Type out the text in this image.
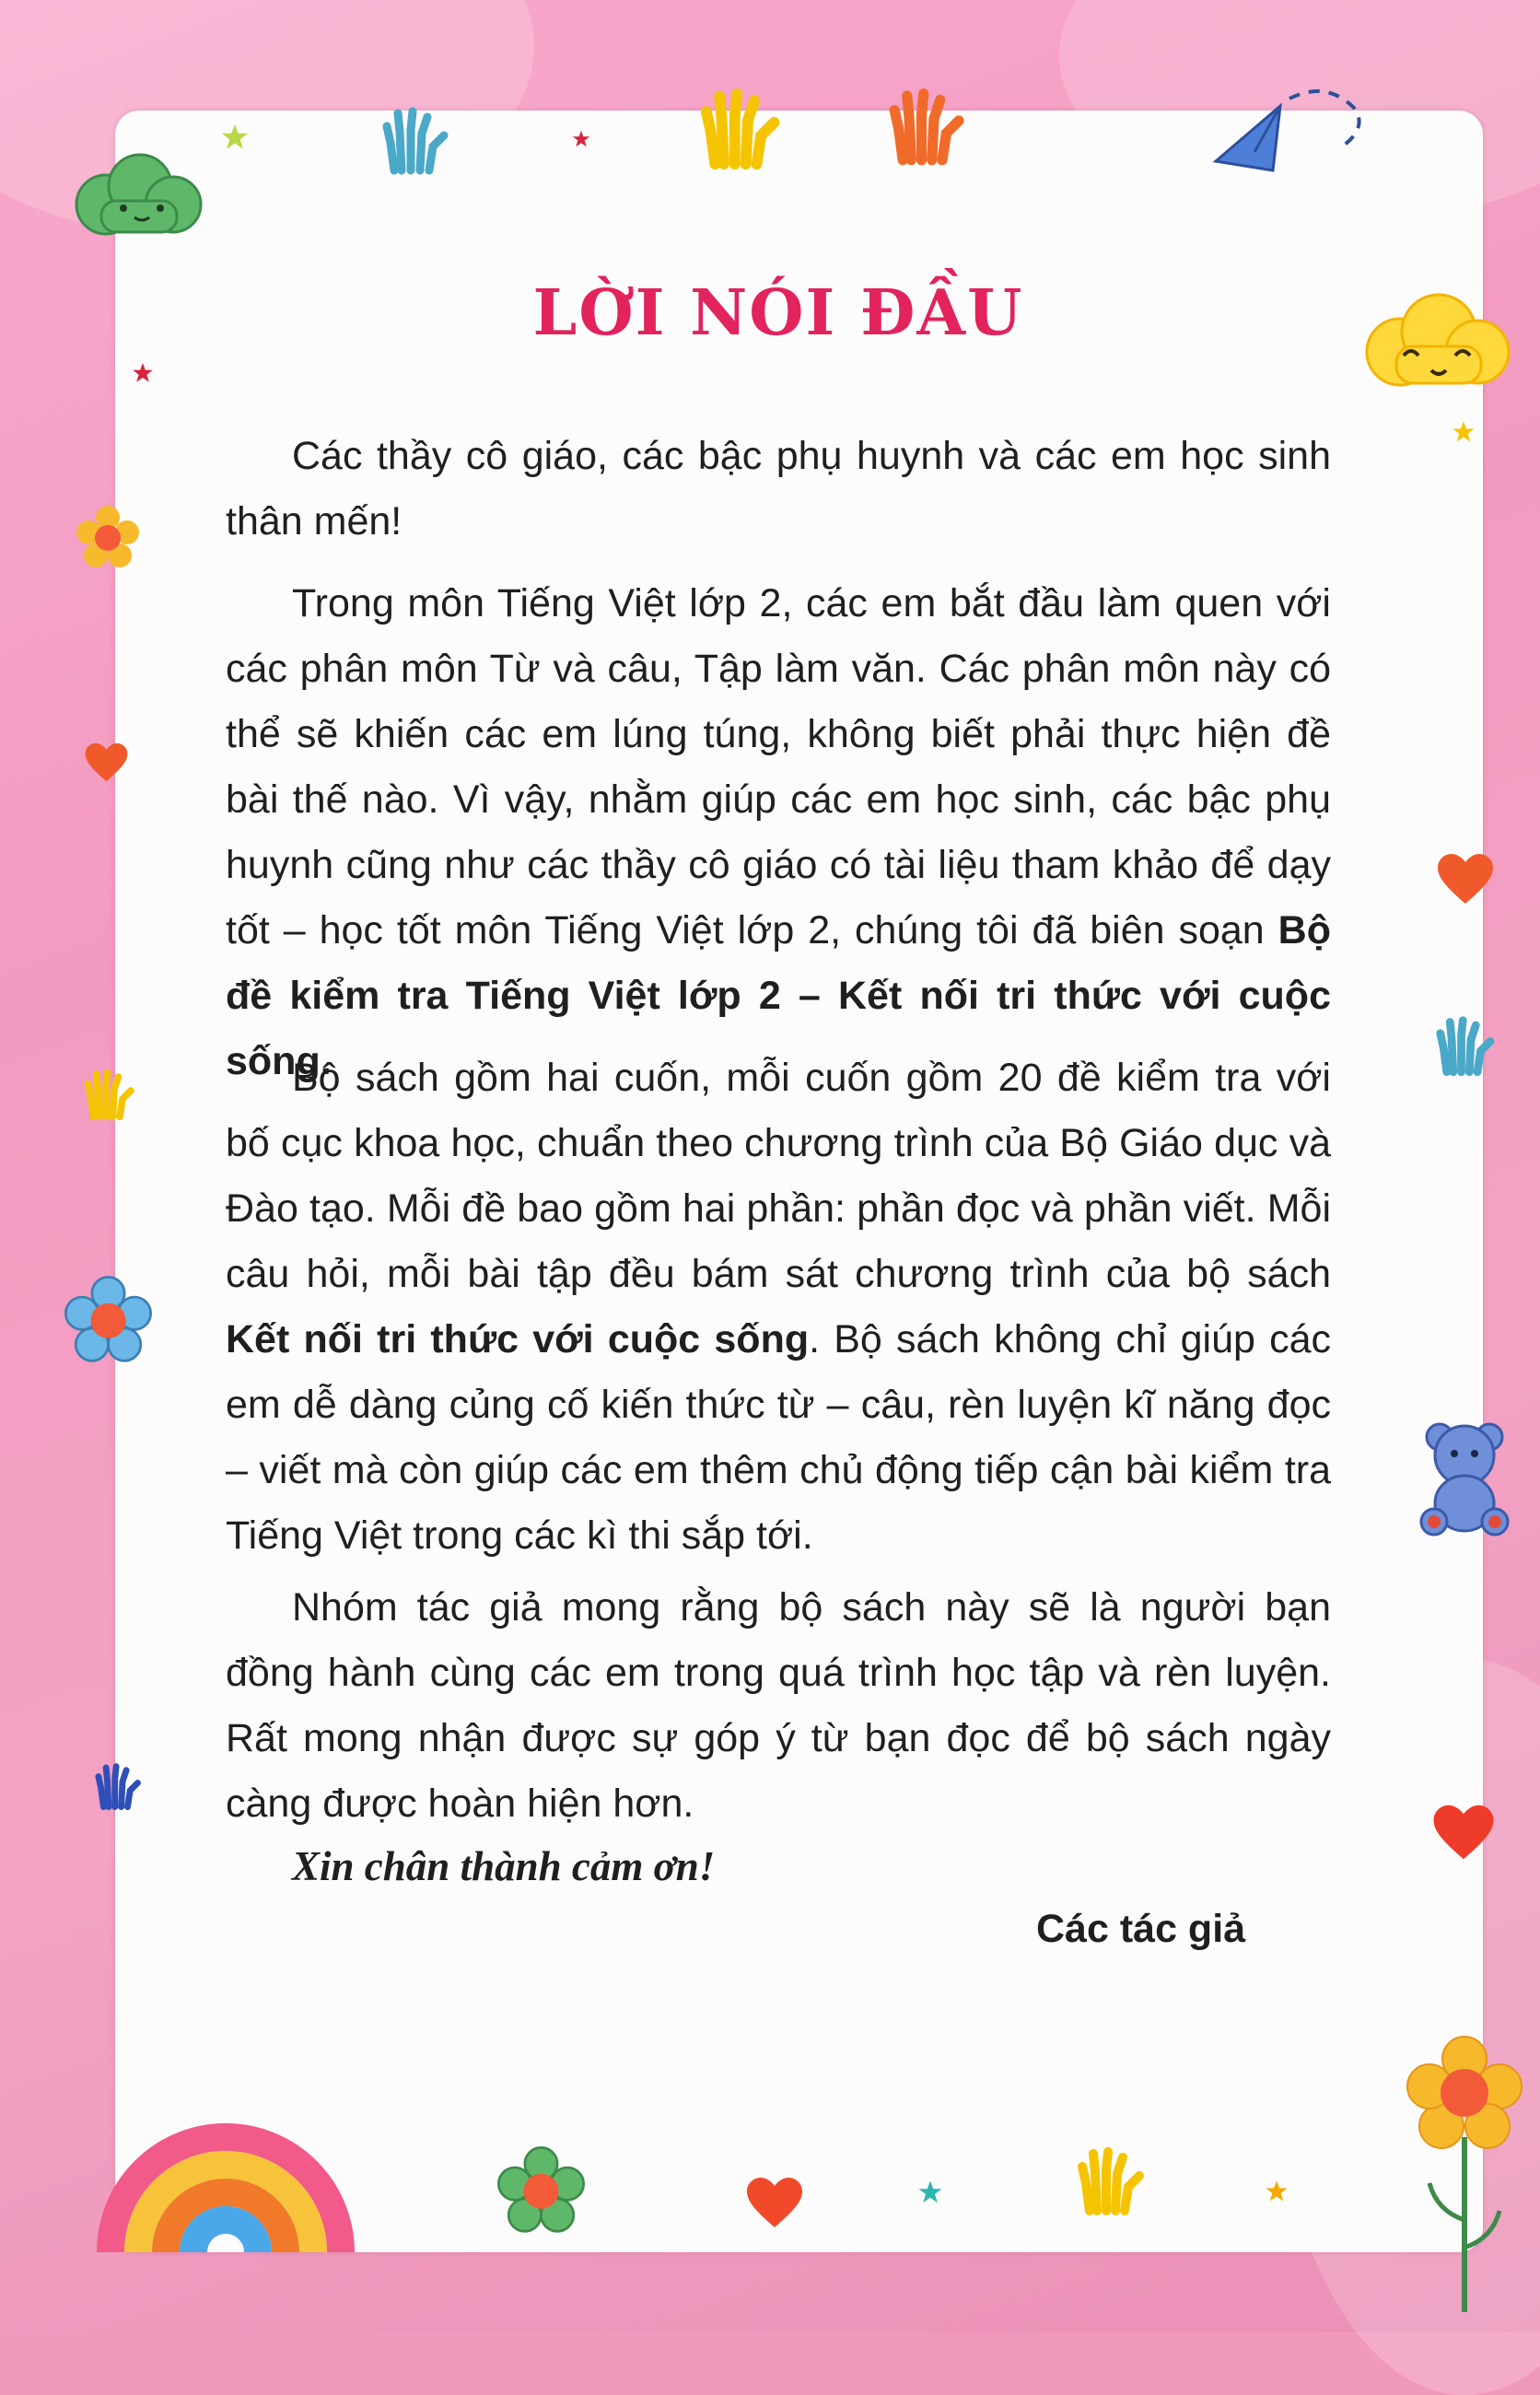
LỜI NÓI ĐẦU

Các thầy cô giáo, các bậc phụ huynh và các em học sinh thân mến!

Trong môn Tiếng Việt lớp 2, các em bắt đầu làm quen với các phân môn Từ và câu, Tập làm văn. Các phân môn này có thể sẽ khiến các em lúng túng, không biết phải thực hiện đề bài thế nào. Vì vậy, nhằm giúp các em học sinh, các bậc phụ huynh cũng như các thầy cô giáo có tài liệu tham khảo để dạy tốt – học tốt môn Tiếng Việt lớp 2, chúng tôi đã biên soạn Bộ đề kiểm tra Tiếng Việt lớp 2 – Kết nối tri thức với cuộc sống.

Bộ sách gồm hai cuốn, mỗi cuốn gồm 20 đề kiểm tra với bố cục khoa học, chuẩn theo chương trình của Bộ Giáo dục và Đào tạo. Mỗi đề bao gồm hai phần: phần đọc và phần viết. Mỗi câu hỏi, mỗi bài tập đều bám sát chương trình của bộ sách Kết nối tri thức với cuộc sống. Bộ sách không chỉ giúp các em dễ dàng củng cố kiến thức từ – câu, rèn luyện kĩ năng đọc – viết mà còn giúp các em thêm chủ động tiếp cận bài kiểm tra Tiếng Việt trong các kì thi sắp tới.

Nhóm tác giả mong rằng bộ sách này sẽ là người bạn đồng hành cùng các em trong quá trình học tập và rèn luyện. Rất mong nhận được sự góp ý từ bạn đọc để bộ sách ngày càng được hoàn hiện hơn.

Xin chân thành cảm ơn!
Các tác giả
